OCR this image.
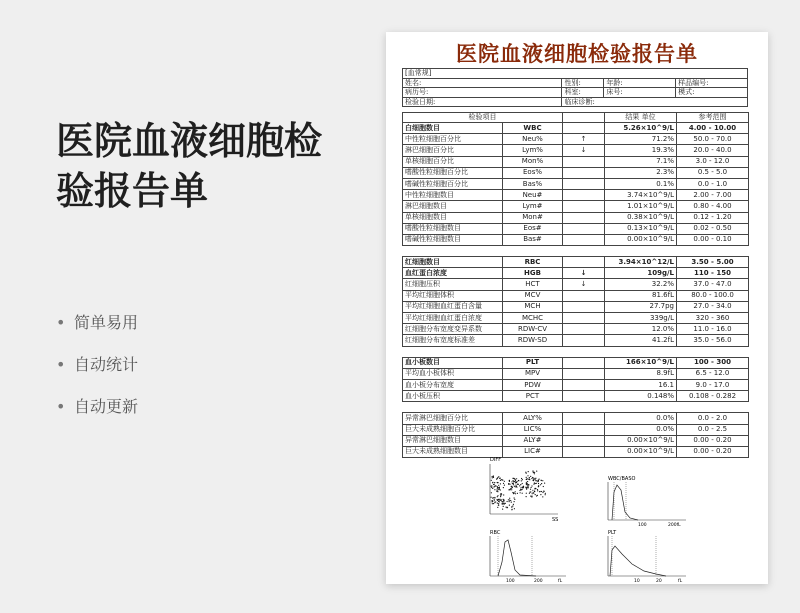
医院血液细胞检
验报告单
• 简单易用
• 自动统计
• 自动更新
医院血液细胞检验报告单
[血常规]			
姓名:	性别:	年龄:	样品编号:
病历号:	科室:	床号:	模式:
检验日期:	临床诊断:		
检验项目			结果 单位	参考范围
白细胞数目	WBC		5.26×10^9/L	4.00 - 10.00
中性粒细胞百分比	Neu%	↑	71.2%	50.0 - 70.0
淋巴细胞百分比	Lym%	↓	19.3%	20.0 - 40.0
单核细胞百分比	Mon%		7.1%	3.0 - 12.0
嗜酸性粒细胞百分比	Eos%		2.3%	0.5 - 5.0
嗜碱性粒细胞百分比	Bas%		0.1%	0.0 - 1.0
中性粒细胞数目	Neu#		3.74×10^9/L	2.00 - 7.00
淋巴细胞数目	Lym#		1.01×10^9/L	0.80 - 4.00
单核细胞数目	Mon#		0.38×10^9/L	0.12 - 1.20
嗜酸性粒细胞数目	Eos#		0.13×10^9/L	0.02 - 0.50
嗜碱性粒细胞数目	Bas#		0.00×10^9/L	0.00 - 0.10

红细胞数目	RBC		3.94×10^12/L	3.50 - 5.00
血红蛋白浓度	HGB	↓	109g/L	110 - 150
红细胞压积	HCT	↓	32.2%	37.0 - 47.0
平均红细胞体积	MCV		81.6fL	80.0 - 100.0
平均红细胞血红蛋白含量	MCH		27.7pg	27.0 - 34.0
平均红细胞血红蛋白浓度	MCHC		339g/L	320 - 360
红细胞分布宽度变异系数	RDW-CV		12.0%	11.0 - 16.0
红细胞分布宽度标准差	RDW-SD		41.2fL	35.0 - 56.0

血小板数目	PLT		166×10^9/L	100 - 300
平均血小板体积	MPV		8.9fL	6.5 - 12.0
血小板分布宽度	PDW		16.1	9.0 - 17.0
血小板压积	PCT		0.148%	0.108 - 0.282

异常淋巴细胞百分比	ALY%		0.0%	0.0 - 2.0
巨大未成熟细胞百分比	LIC%		0.0%	0.0 - 2.5
异常淋巴细胞数目	ALY#		0.00×10^9/L	0.00 - 0.20
巨大未成熟细胞数目	LIC#		0.00×10^9/L	0.00 - 0.20
DIFF
SS
WBC/BASO
100	200fL
RBC
100	200	fL
PLT
10	20	fL
